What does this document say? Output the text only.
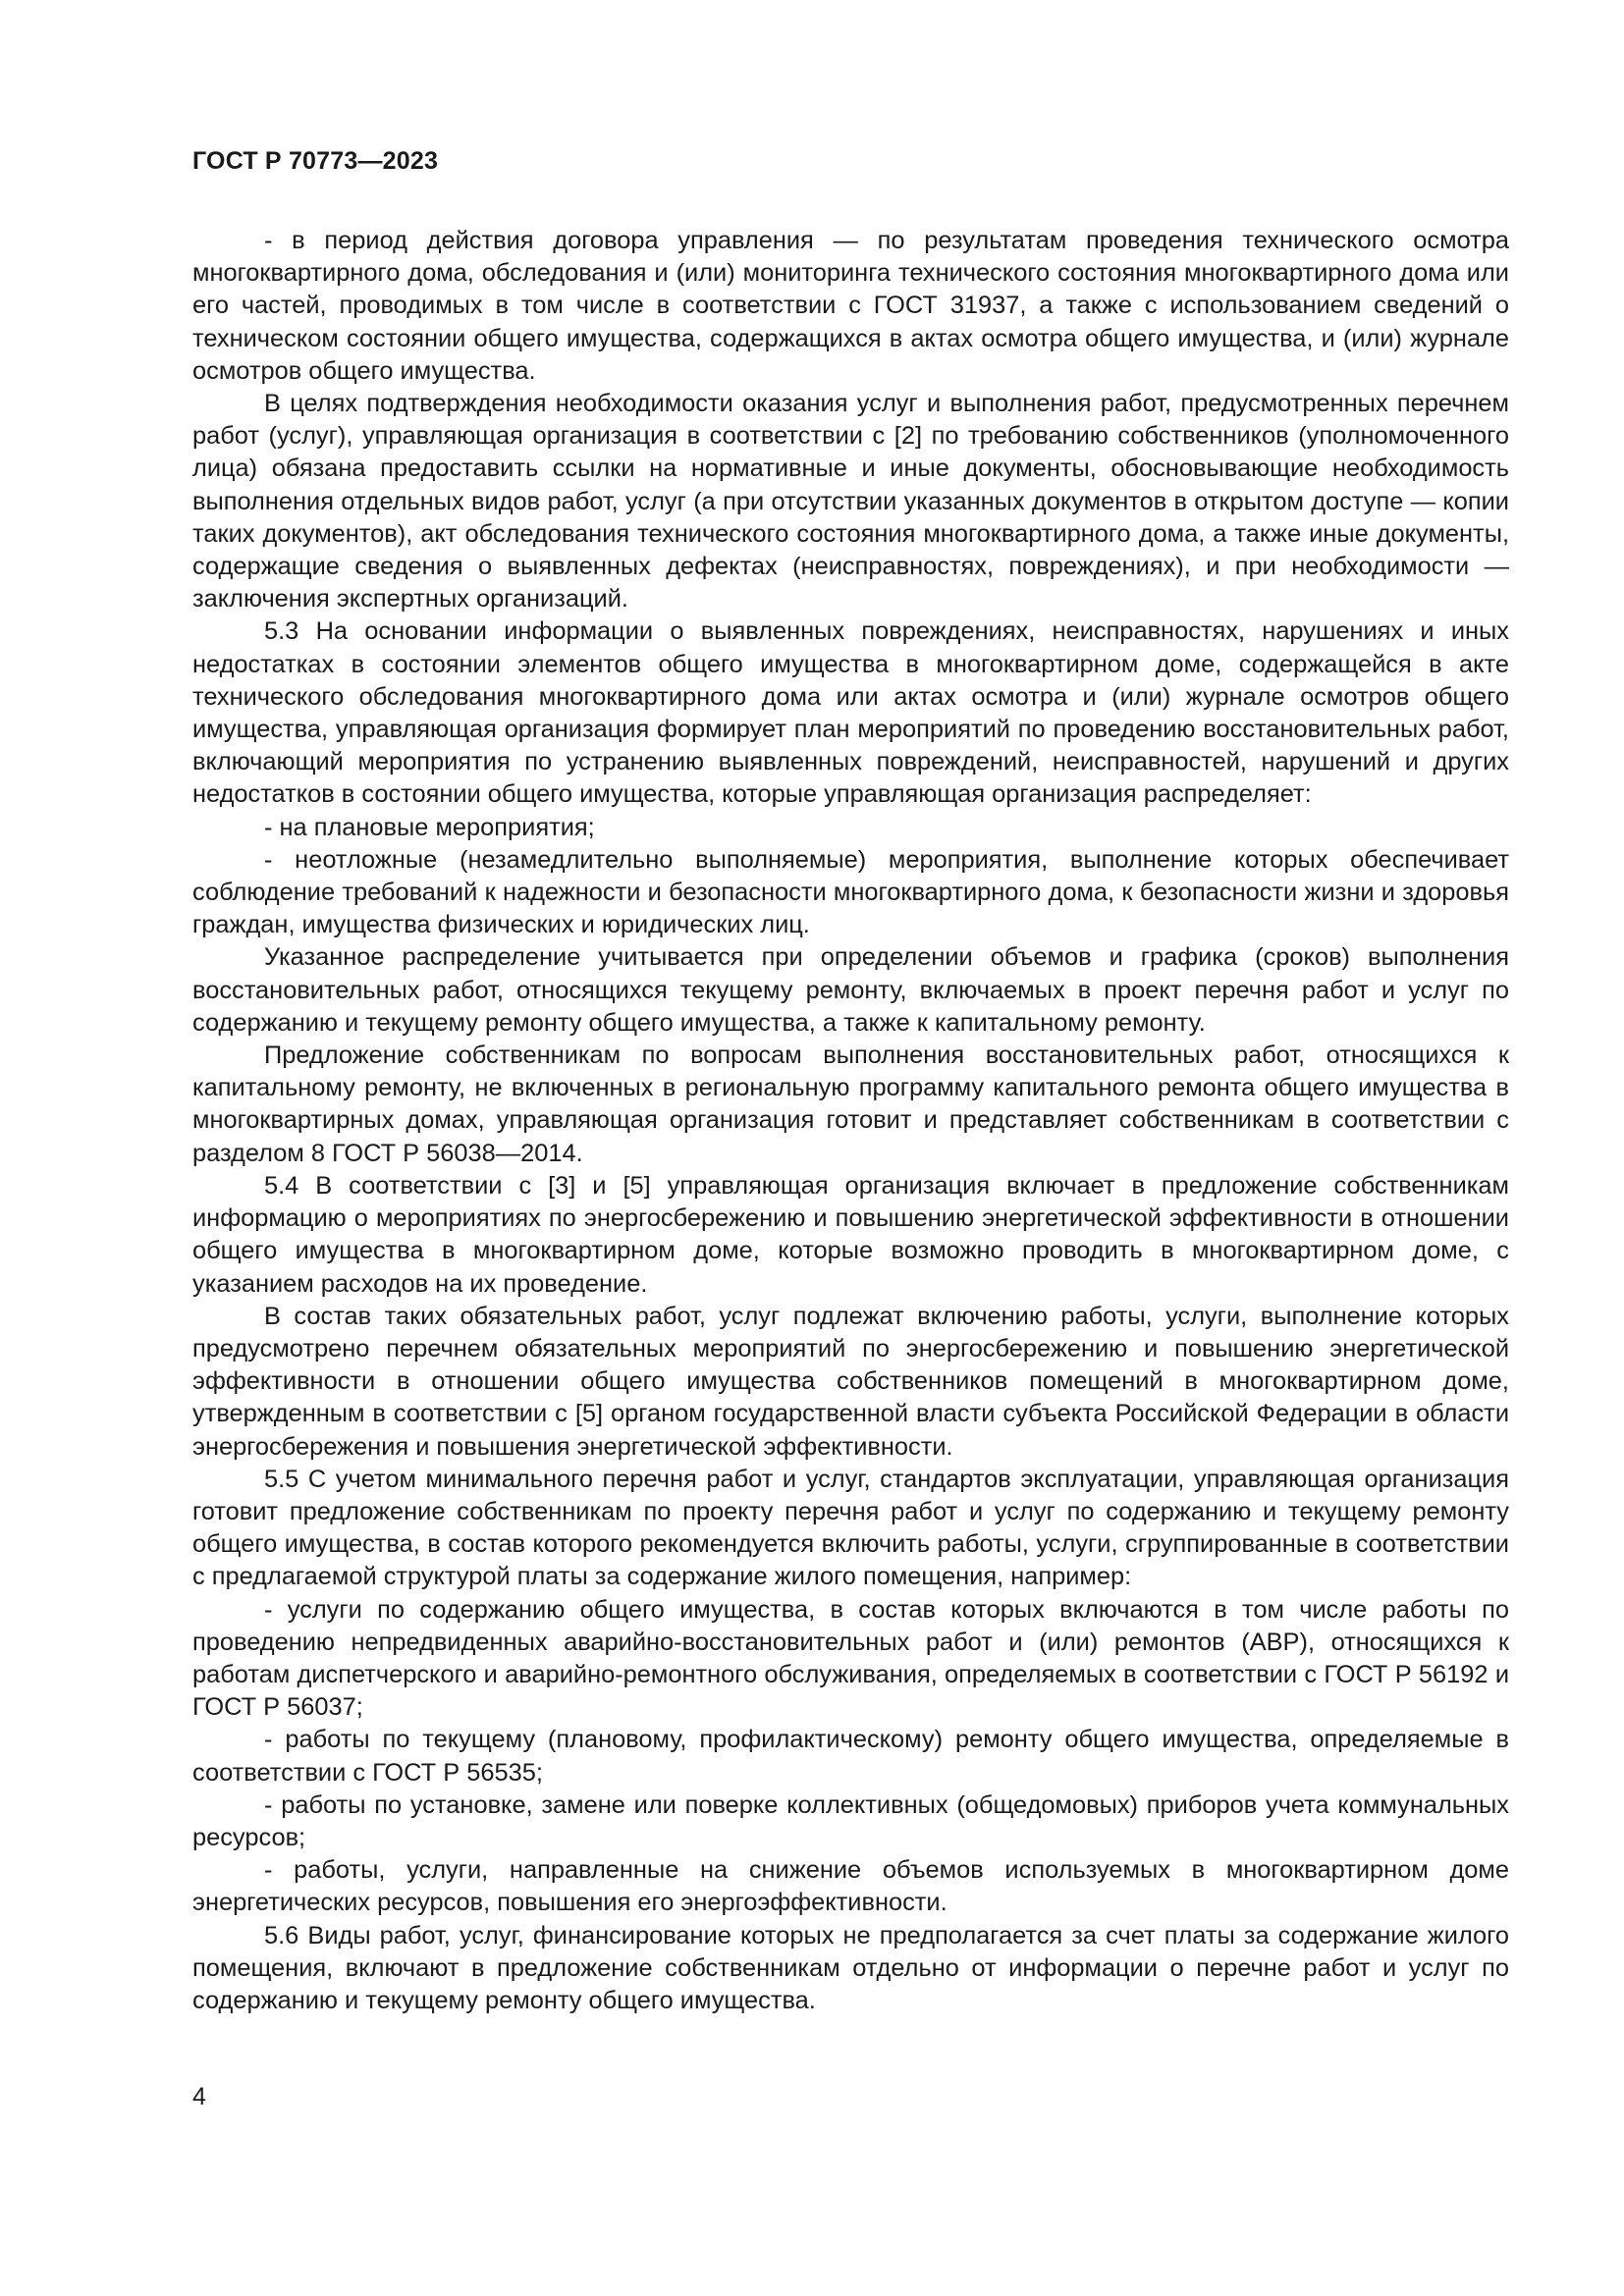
ГОСТ Р 70773—2023

- в период действия договора управления — по результатам проведения технического осмотра многоквартирного дома, обследования и (или) мониторинга технического состояния многоквартирного дома или его частей, проводимых в том числе в соответствии с ГОСТ 31937, а также с использованием сведений о техническом состоянии общего имущества, содержащихся в актах осмотра общего имущества, и (или) журнале осмотров общего имущества.

В целях подтверждения необходимости оказания услуг и выполнения работ, предусмотренных перечнем работ (услуг), управляющая организация в соответствии с [2] по требованию собственников (уполномоченного лица) обязана предоставить ссылки на нормативные и иные документы, обосновывающие необходимость выполнения отдельных видов работ, услуг (а при отсутствии указанных документов в открытом доступе — копии таких документов), акт обследования технического состояния многоквартирного дома, а также иные документы, содержащие сведения о выявленных дефектах (неисправностях, повреждениях), и при необходимости — заключения экспертных организаций.

5.3 На основании информации о выявленных повреждениях, неисправностях, нарушениях и иных недостатках в состоянии элементов общего имущества в многоквартирном доме, содержащейся в акте технического обследования многоквартирного дома или актах осмотра и (или) журнале осмотров общего имущества, управляющая организация формирует план мероприятий по проведению восстановительных работ, включающий мероприятия по устранению выявленных повреждений, неисправностей, нарушений и других недостатков в состоянии общего имущества, которые управляющая организация распределяет:

- на плановые мероприятия;

- неотложные (незамедлительно выполняемые) мероприятия, выполнение которых обеспечивает соблюдение требований к надежности и безопасности многоквартирного дома, к безопасности жизни и здоровья граждан, имущества физических и юридических лиц.

Указанное распределение учитывается при определении объемов и графика (сроков) выполнения восстановительных работ, относящихся текущему ремонту, включаемых в проект перечня работ и услуг по содержанию и текущему ремонту общего имущества, а также к капитальному ремонту.

Предложение собственникам по вопросам выполнения восстановительных работ, относящихся к капитальному ремонту, не включенных в региональную программу капитального ремонта общего имущества в многоквартирных домах, управляющая организация готовит и представляет собственникам в соответствии с разделом 8 ГОСТ Р 56038—2014.

5.4 В соответствии с [3] и [5] управляющая организация включает в предложение собственникам информацию о мероприятиях по энергосбережению и повышению энергетической эффективности в отношении общего имущества в многоквартирном доме, которые возможно проводить в многоквартирном доме, с указанием расходов на их проведение.

В состав таких обязательных работ, услуг подлежат включению работы, услуги, выполнение которых предусмотрено перечнем обязательных мероприятий по энергосбережению и повышению энергетической эффективности в отношении общего имущества собственников помещений в многоквартирном доме, утвержденным в соответствии с [5] органом государственной власти субъекта Российской Федерации в области энергосбережения и повышения энергетической эффективности.

5.5 С учетом минимального перечня работ и услуг, стандартов эксплуатации, управляющая организация готовит предложение собственникам по проекту перечня работ и услуг по содержанию и текущему ремонту общего имущества, в состав которого рекомендуется включить работы, услуги, сгруппированные в соответствии с предлагаемой структурой платы за содержание жилого помещения, например:

- услуги по содержанию общего имущества, в состав которых включаются в том числе работы по проведению непредвиденных аварийно-восстановительных работ и (или) ремонтов (АВР), относящихся к работам диспетчерского и аварийно-ремонтного обслуживания, определяемых в соответствии с ГОСТ Р 56192 и ГОСТ Р 56037;

- работы по текущему (плановому, профилактическому) ремонту общего имущества, определяемые в соответствии с ГОСТ Р 56535;

- работы по установке, замене или поверке коллективных (общедомовых) приборов учета коммунальных ресурсов;

- работы, услуги, направленные на снижение объемов используемых в многоквартирном доме энергетических ресурсов, повышения его энергоэффективности.

5.6 Виды работ, услуг, финансирование которых не предполагается за счет платы за содержание жилого помещения, включают в предложение собственникам отдельно от информации о перечне работ и услуг по содержанию и текущему ремонту общего имущества.

4
